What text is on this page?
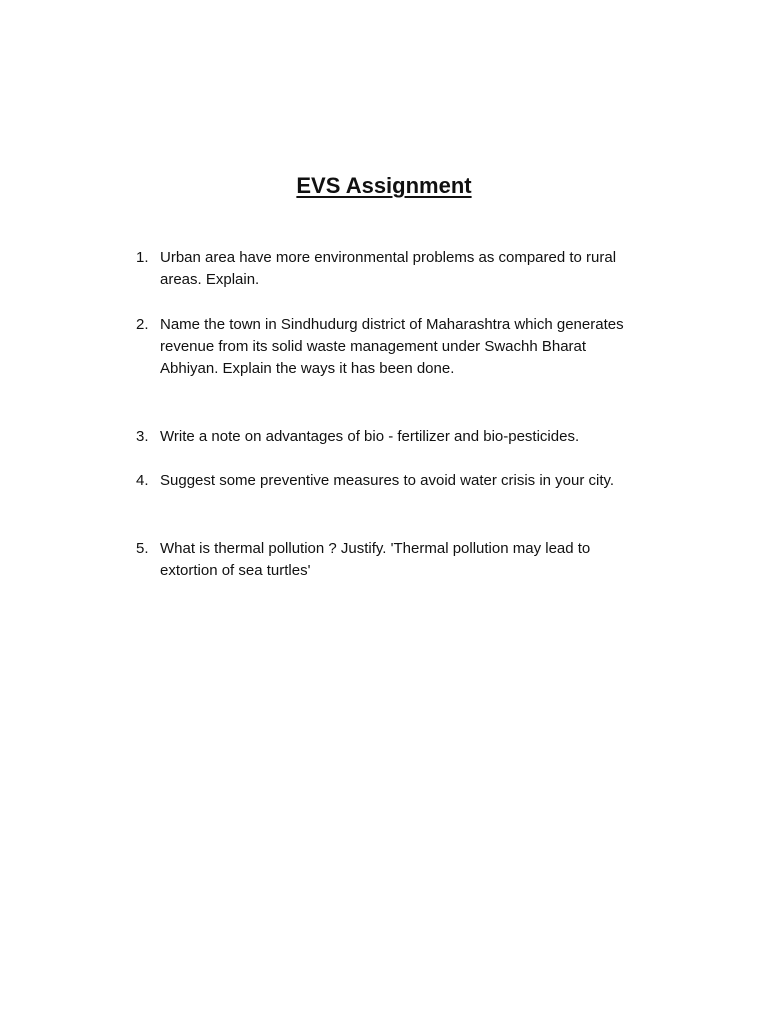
EVS Assignment
1. Urban area have more environmental problems as compared to rural areas. Explain.
2. Name the town in Sindhudurg district of Maharashtra which generates revenue from its solid waste management under Swachh Bharat Abhiyan. Explain the ways it has been done.
3. Write a note on advantages of bio - fertilizer and bio-pesticides.
4. Suggest some preventive measures to avoid water crisis in your city.
5. What is thermal pollution ? Justify. 'Thermal pollution may lead to extortion of sea turtles'
